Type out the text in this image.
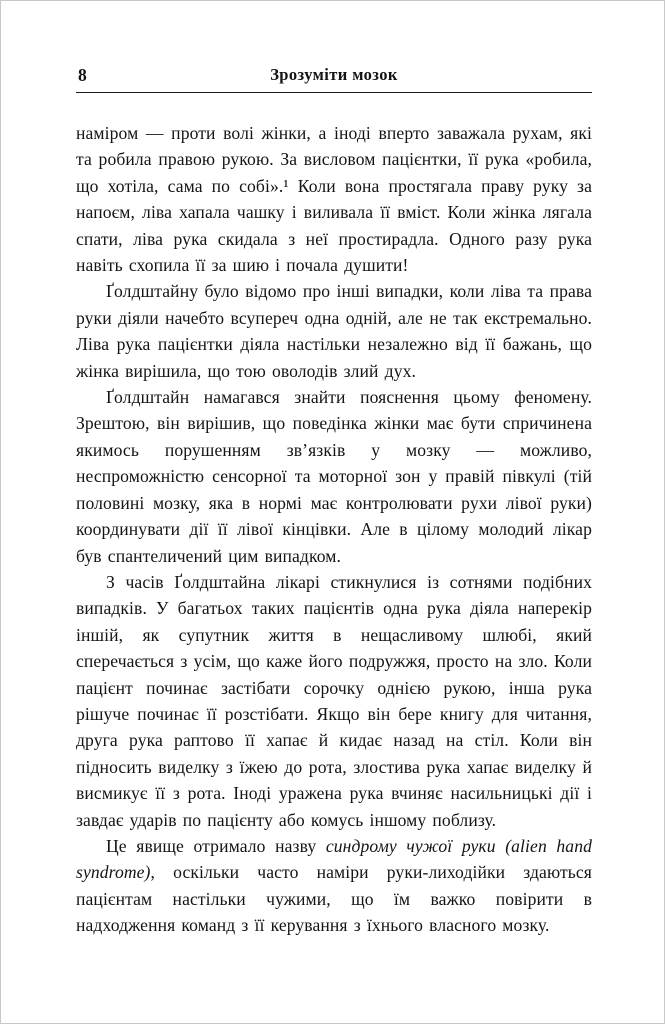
8	Зрозуміти мозок

наміром — проти волі жінки, а іноді вперто заважала рухам, які та робила правою рукою. За висловом пацієнтки, її рука «робила, що хотіла, сама по собі».¹ Коли вона простягала праву руку за напоєм, ліва хапала чашку і виливала її вміст. Коли жінка лягала спати, ліва рука скидала з неї простирадла. Одного разу рука навіть схопила її за шию і почала душити!

Ґолдштайну було відомо про інші випадки, коли ліва та права руки діяли начебто всупереч одна одній, але не так екстремально. Ліва рука пацієнтки діяла настільки незалежно від її бажань, що жінка вирішила, що тою оволодів злий дух.

Ґолдштайн намагався знайти пояснення цьому феномену. Зрештою, він вирішив, що поведінка жінки має бути спричинена якимось порушенням зв’язків у мозку — можливо, неспроможністю сенсорної та моторної зон у правій півкулі (тій половині мозку, яка в нормі має контролювати рухи лівої руки) координувати дії її лівої кінцівки. Але в цілому молодий лікар був спантеличений цим випадком.

З часів Ґолдштайна лікарі стикнулися із сотнями подібних випадків. У багатьох таких пацієнтів одна рука діяла наперекір іншій, як супутник життя в нещасливому шлюбі, який сперечається з усім, що каже його подружжя, просто на зло. Коли пацієнт починає застібати сорочку однією рукою, інша рука рішуче починає її розстібати. Якщо він бере книгу для читання, друга рука раптово її хапає й кидає назад на стіл. Коли він підносить виделку з їжею до рота, злостива рука хапає виделку й висмикує її з рота. Іноді уражена рука вчиняє насильницькі дії і завдає ударів по пацієнту або комусь іншому поблизу.

Це явище отримало назву синдрому чужої руки (alien hand syndrome), оскільки часто наміри руки-лиходійки здаються пацієнтам настільки чужими, що їм важко повірити в надходження команд з її керування з їхнього власного мозку.
